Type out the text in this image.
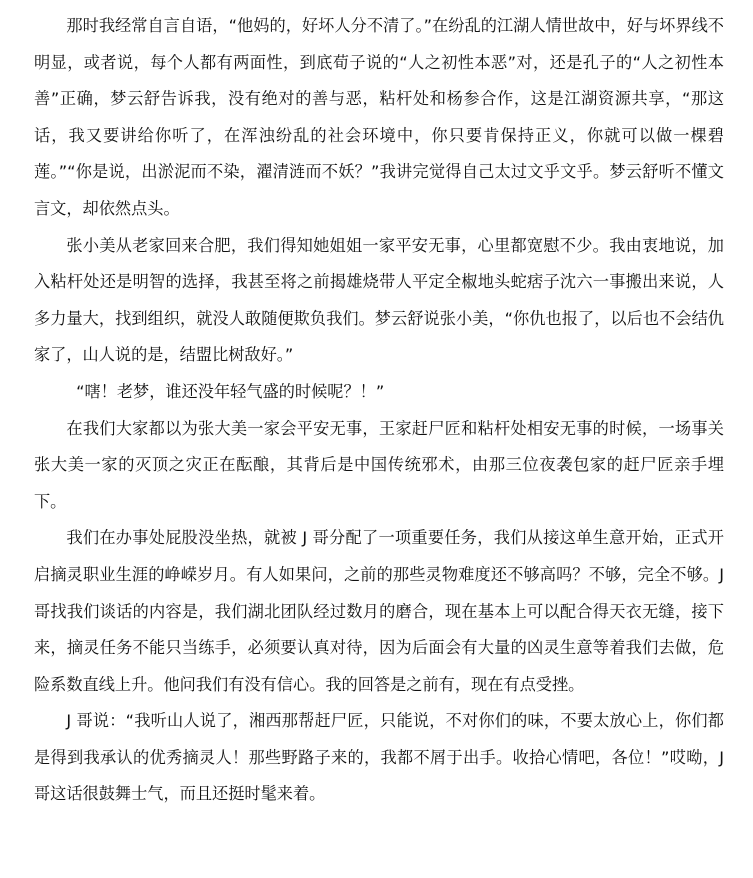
那时我经常自言自语，“他妈的，好坏人分不清了。”在纷乱的江湖人情世故中，好与坏界线不明显，或者说，每个人都有两面性，到底荀子说的“人之初性本恶”对，还是孔子的“人之初性本善”正确，梦云舒告诉我，没有绝对的善与恶，粘杆处和杨参合作，这是江湖资源共享，“那这话，我又要讲给你听了，在浑浊纷乱的社会环境中，你只要肯保持正义，你就可以做一棵碧莲。”“你是说，出淤泥而不染，濯清涟而不妖？”我讲完觉得自己太过文乎文乎。梦云舒听不懂文言文，却依然点头。

张小美从老家回来合肥，我们得知她姐姐一家平安无事，心里都宽慰不少。我由衷地说，加入粘杆处还是明智的选择，我甚至将之前揭雄烧带人平定全椒地头蛇痞子沈六一事搬出来说，人多力量大，找到组织，就没人敢随便欺负我们。梦云舒说张小美，“你仇也报了，以后也不会结仇家了，山人说的是，结盟比树敌好。”

“嗐！老梦，谁还没年轻气盛的时候呢？！”

在我们大家都以为张大美一家会平安无事，王家赶尸匠和粘杆处相安无事的时候，一场事关张大美一家的灭顶之灾正在酝酿，其背后是中国传统邪术，由那三位夜袭包家的赶尸匠亲手埋下。

我们在办事处屁股没坐热，就被 J 哥分配了一项重要任务，我们从接这单生意开始，正式开启摘灵职业生涯的峥嵘岁月。有人如果问，之前的那些灵物难度还不够高吗？不够，完全不够。J 哥找我们谈话的内容是，我们湖北团队经过数月的磨合，现在基本上可以配合得天衣无缝，接下来，摘灵任务不能只当练手，必须要认真对待，因为后面会有大量的凶灵生意等着我们去做，危险系数直线上升。他问我们有没有信心。我的回答是之前有，现在有点受挫。

J 哥说：“我听山人说了，湘西那帮赶尸匠，只能说，不对你们的味，不要太放心上，你们都是得到我承认的优秀摘灵人！那些野路子来的，我都不屑于出手。收拾心情吧，各位！”哎呦，J 哥这话很鼓舞士气，而且还挺时髦来着。
